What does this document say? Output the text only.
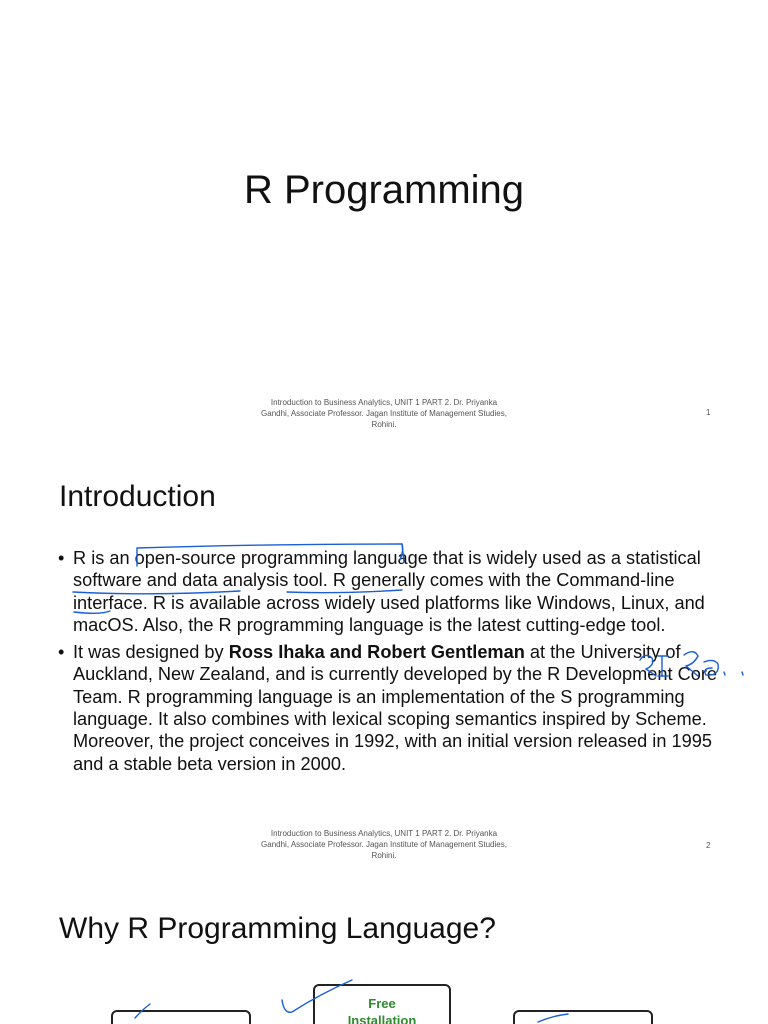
R Programming
Introduction to Business Analytics, UNIT 1 PART 2. Dr. Priyanka Gandhi, Associate Professor. Jagan Institute of Management Studies, Rohini.
1
Introduction
• R is an open-source programming language that is widely used as a statistical software and data analysis tool. R generally comes with the Command-line interface. R is available across widely used platforms like Windows, Linux, and macOS. Also, the R programming language is the latest cutting-edge tool.
• It was designed by Ross Ihaka and Robert Gentleman at the University of Auckland, New Zealand, and is currently developed by the R Development Core Team. R programming language is an implementation of the S programming language. It also combines with lexical scoping semantics inspired by Scheme. Moreover, the project conceives in 1992, with an initial version released in 1995 and a stable beta version in 2000.
Introduction to Business Analytics, UNIT 1 PART 2. Dr. Priyanka Gandhi, Associate Professor. Jagan Institute of Management Studies, Rohini.
2
Why R Programming Language?
Free
Installation
